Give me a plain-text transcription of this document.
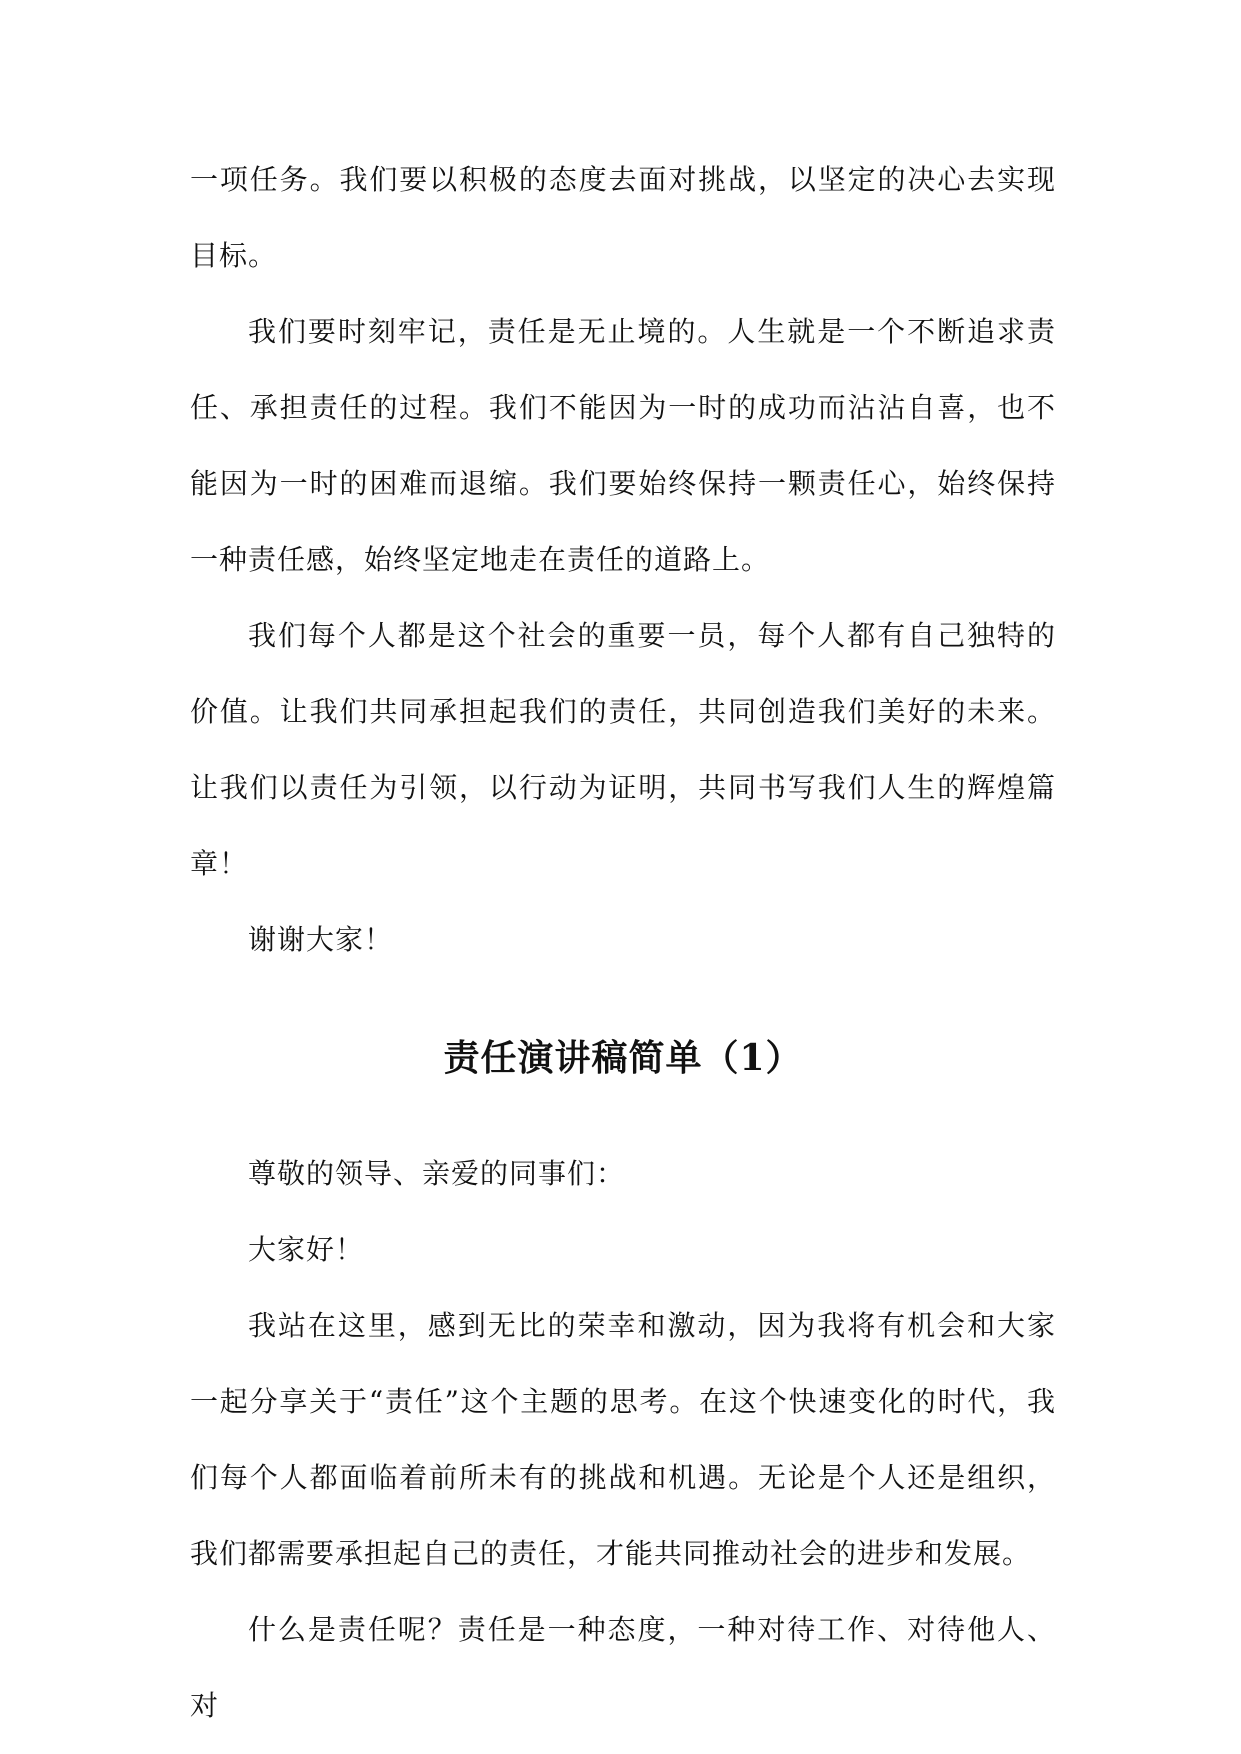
一项任务。我们要以积极的态度去面对挑战，以坚定的决心去实现目标。

我们要时刻牢记，责任是无止境的。人生就是一个不断追求责任、承担责任的过程。我们不能因为一时的成功而沾沾自喜，也不能因为一时的困难而退缩。我们要始终保持一颗责任心，始终保持一种责任感，始终坚定地走在责任的道路上。

我们每个人都是这个社会的重要一员，每个人都有自己独特的价值。让我们共同承担起我们的责任，共同创造我们美好的未来。让我们以责任为引领，以行动为证明，共同书写我们人生的辉煌篇章！

谢谢大家！

责任演讲稿简单（1）

尊敬的领导、亲爱的同事们：

大家好！

我站在这里，感到无比的荣幸和激动，因为我将有机会和大家一起分享关于“责任”这个主题的思考。在这个快速变化的时代，我们每个人都面临着前所未有的挑战和机遇。无论是个人还是组织，我们都需要承担起自己的责任，才能共同推动社会的进步和发展。

什么是责任呢？责任是一种态度，一种对待工作、对待他人、对
